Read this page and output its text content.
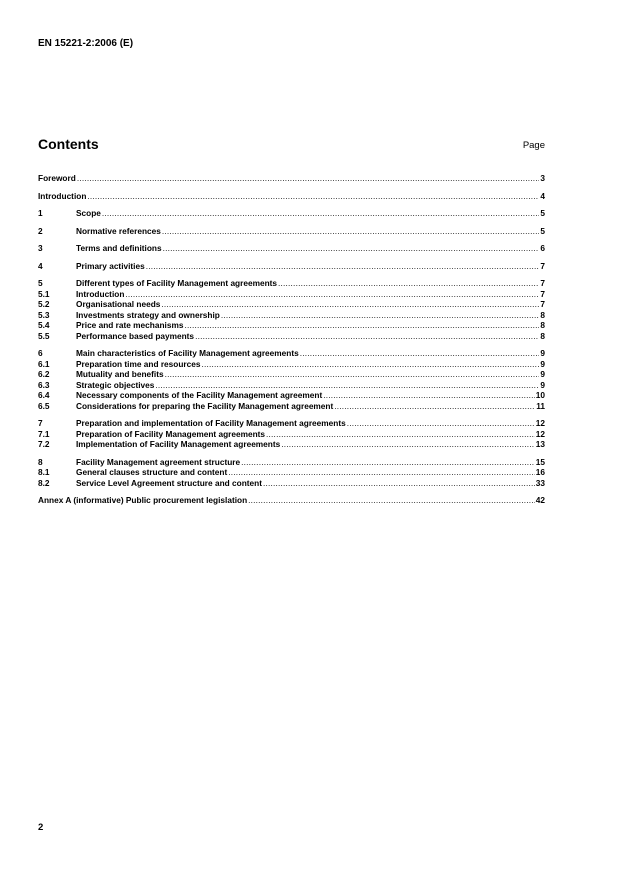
EN 15221-2:2006 (E)
Contents	Page
Foreword .....	3
Introduction .....	4
1	Scope .....	5
2	Normative references .....	5
3	Terms and definitions .....	6
4	Primary activities .....	7
5	Different types of Facility Management agreements .....	7
5.1	Introduction .....	7
5.2	Organisational needs .....	7
5.3	Investments strategy and ownership .....	8
5.4	Price and rate mechanisms .....	8
5.5	Performance based payments .....	8
6	Main characteristics of Facility Management agreements .....	9
6.1	Preparation time and resources .....	9
6.2	Mutuality and benefits .....	9
6.3	Strategic objectives .....	9
6.4	Necessary components of the Facility Management agreement .....	10
6.5	Considerations for preparing the Facility Management agreement .....	11
7	Preparation and implementation of Facility Management agreements .....	12
7.1	Preparation of Facility Management agreements .....	12
7.2	Implementation of Facility Management agreements .....	13
8	Facility Management agreement structure .....	15
8.1	General clauses structure and content .....	16
8.2	Service Level Agreement structure and content .....	33
Annex A (informative) Public procurement legislation .....	42
2
